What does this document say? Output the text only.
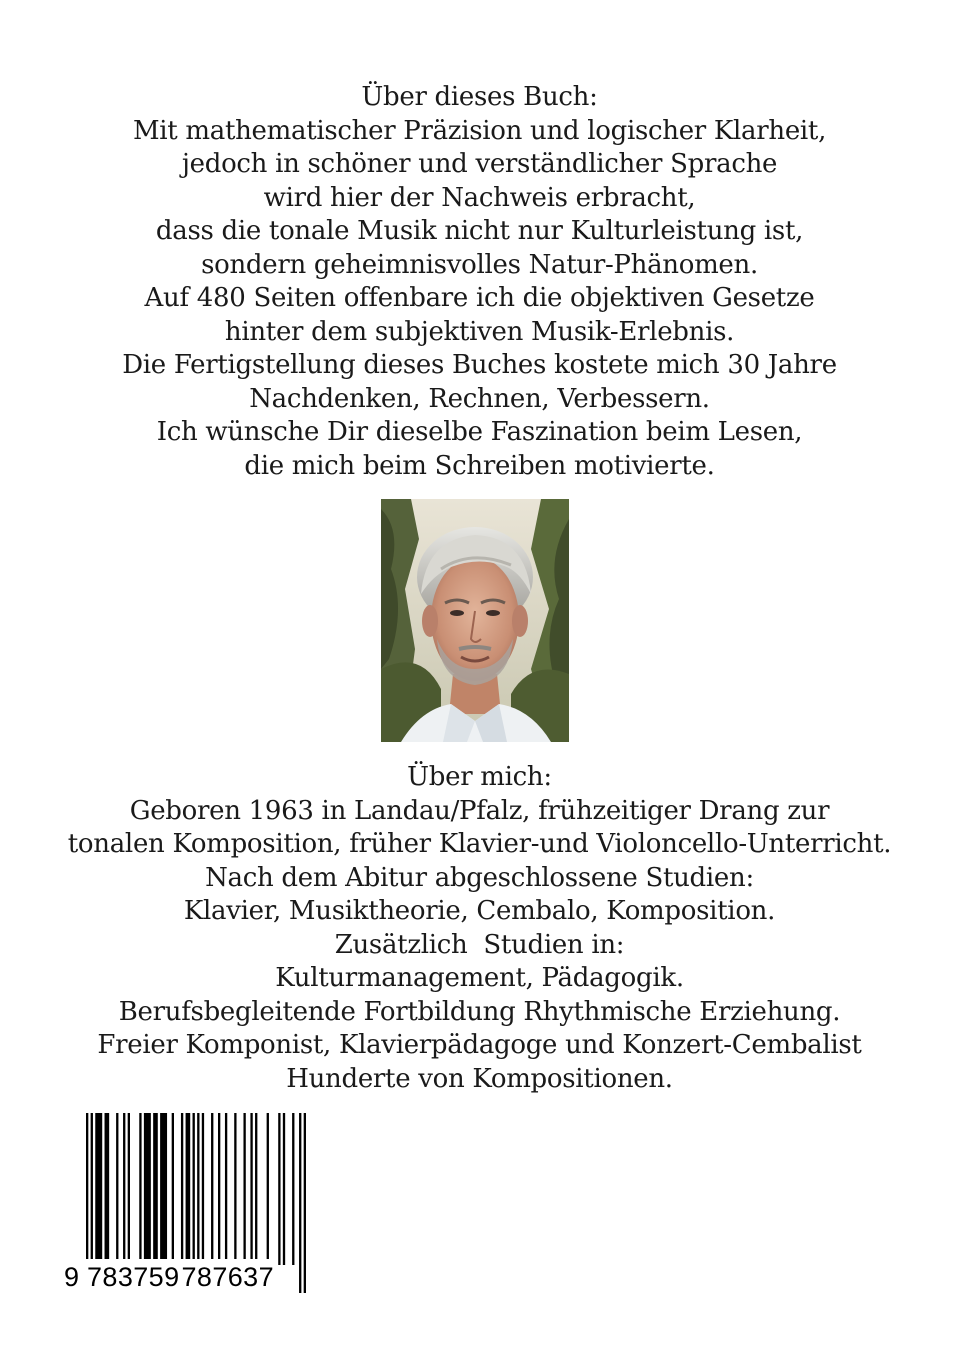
Über dieses Buch:
Mit mathematischer Präzision und logischer Klarheit,
jedoch in schöner und verständlicher Sprache
wird hier der Nachweis erbracht,
dass die tonale Musik nicht nur Kulturleistung ist,
sondern geheimnisvolles Natur-Phänomen.
Auf 480 Seiten offenbare ich die objektiven Gesetze
hinter dem subjektiven Musik-Erlebnis.
Die Fertigstellung dieses Buches kostete mich 30 Jahre
Nachdenken, Rechnen, Verbessern.
Ich wünsche Dir dieselbe Faszination beim Lesen,
die mich beim Schreiben motivierte.
Über mich:
Geboren 1963 in Landau/Pfalz, frühzeitiger Drang zur
tonalen Komposition, früher Klavier-und Violoncello-Unterricht.
Nach dem Abitur abgeschlossene Studien:
Klavier, Musiktheorie, Cembalo, Komposition.
Zusätzlich  Studien in:
Kulturmanagement, Pädagogik.
Berufsbegleitende Fortbildung Rhythmische Erziehung.
Freier Komponist, Klavierpädagoge und Konzert-Cembalist
Hunderte von Kompositionen.
9 783759787637
